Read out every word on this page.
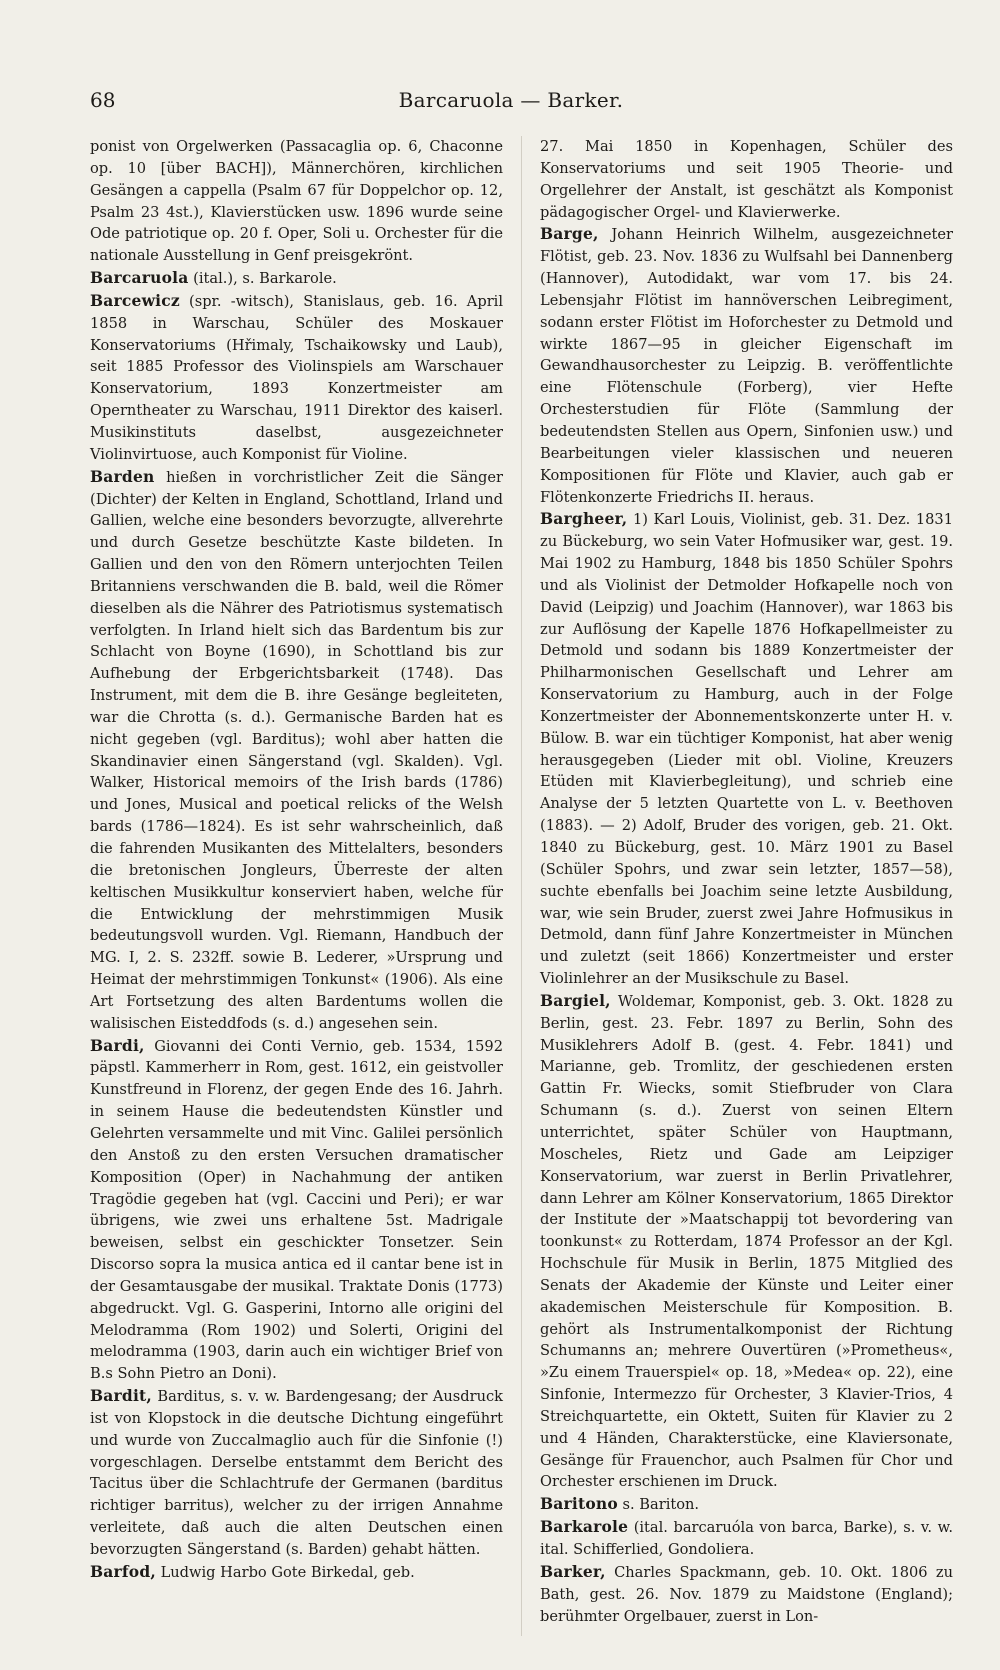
68	Barcaruola — Barker.

ponist von Orgelwerken (Passacaglia op. 6, Chaconne op. 10 [über BACH]), Männerchören, kirchlichen Gesängen a cappella (Psalm 67 für Doppelchor op. 12, Psalm 23 4st.), Klavierstücken usw. 1896 wurde seine Ode patriotique op. 20 f. Oper, Soli u. Orchester für die nationale Ausstellung in Genf preisgekrönt.

Barcaruola (ital.), s. Barkarole.

Barcewicz (spr. -witsch), Stanislaus, geb. 16. April 1858 in Warschau, Schüler des Moskauer Konservatoriums (Hřimaly, Tschaikowsky und Laub), seit 1885 Professor des Violinspiels am Warschauer Konservatorium, 1893 Konzertmeister am Operntheater zu Warschau, 1911 Direktor des kaiserl. Musikinstituts daselbst, ausgezeichneter Violinvirtuose, auch Komponist für Violine.

Barden hießen in vorchristlicher Zeit die Sänger (Dichter) der Kelten in England, Schottland, Irland und Gallien, welche eine besonders bevorzugte, allverehrte und durch Gesetze beschützte Kaste bildeten. In Gallien und den von den Römern unterjochten Teilen Britanniens verschwanden die B. bald, weil die Römer dieselben als die Nährer des Patriotismus systematisch verfolgten. In Irland hielt sich das Bardentum bis zur Schlacht von Boyne (1690), in Schottland bis zur Aufhebung der Erbgerichtsbarkeit (1748). Das Instrument, mit dem die B. ihre Gesänge begleiteten, war die Chrotta (s. d.). Germanische Barden hat es nicht gegeben (vgl. Barditus); wohl aber hatten die Skandinavier einen Sängerstand (vgl. Skalden). Vgl. Walker, Historical memoirs of the Irish bards (1786) und Jones, Musical and poetical relicks of the Welsh bards (1786—1824). Es ist sehr wahrscheinlich, daß die fahrenden Musikanten des Mittelalters, besonders die bretonischen Jongleurs, Überreste der alten keltischen Musikkultur konserviert haben, welche für die Entwicklung der mehrstimmigen Musik bedeutungsvoll wurden. Vgl. Riemann, Handbuch der MG. I, 2. S. 232ff. sowie B. Lederer, »Ursprung und Heimat der mehrstimmigen Tonkunst« (1906). Als eine Art Fortsetzung des alten Bardentums wollen die walisischen Eisteddfods (s. d.) angesehen sein.

Bardi, Giovanni dei Conti Vernio, geb. 1534, 1592 päpstl. Kammerherr in Rom, gest. 1612, ein geistvoller Kunstfreund in Florenz, der gegen Ende des 16. Jahrh. in seinem Hause die bedeutendsten Künstler und Gelehrten versammelte und mit Vinc. Galilei persönlich den Anstoß zu den ersten Versuchen dramatischer Komposition (Oper) in Nachahmung der antiken Tragödie gegeben hat (vgl. Caccini und Peri); er war übrigens, wie zwei uns erhaltene 5st. Madrigale beweisen, selbst ein geschickter Tonsetzer. Sein Discorso sopra la musica antica ed il cantar bene ist in der Gesamtausgabe der musikal. Traktate Donis (1773) abgedruckt. Vgl. G. Gasperini, Intorno alle origini del Melodramma (Rom 1902) und Solerti, Origini del melodramma (1903, darin auch ein wichtiger Brief von B.s Sohn Pietro an Doni).

Bardit, Barditus, s. v. w. Bardengesang; der Ausdruck ist von Klopstock in die deutsche Dichtung eingeführt und wurde von Zuccalmaglio auch für die Sinfonie (!) vorgeschlagen. Derselbe entstammt dem Bericht des Tacitus über die Schlachtrufe der Germanen (barditus richtiger barritus), welcher zu der irrigen Annahme verleitete, daß auch die alten Deutschen einen bevorzugten Sängerstand (s. Barden) gehabt hätten.

Barfod, Ludwig Harbo Gote Birkedal, geb.

27. Mai 1850 in Kopenhagen, Schüler des Konservatoriums und seit 1905 Theorie- und Orgellehrer der Anstalt, ist geschätzt als Komponist pädagogischer Orgel- und Klavierwerke.

Barge, Johann Heinrich Wilhelm, ausgezeichneter Flötist, geb. 23. Nov. 1836 zu Wulfsahl bei Dannenberg (Hannover), Autodidakt, war vom 17. bis 24. Lebensjahr Flötist im hannöverschen Leibregiment, sodann erster Flötist im Hoforchester zu Detmold und wirkte 1867—95 in gleicher Eigenschaft im Gewandhausorchester zu Leipzig. B. veröffentlichte eine Flötenschule (Forberg), vier Hefte Orchesterstudien für Flöte (Sammlung der bedeutendsten Stellen aus Opern, Sinfonien usw.) und Bearbeitungen vieler klassischen und neueren Kompositionen für Flöte und Klavier, auch gab er Flötenkonzerte Friedrichs II. heraus.

Bargheer, 1) Karl Louis, Violinist, geb. 31. Dez. 1831 zu Bückeburg, wo sein Vater Hofmusiker war, gest. 19. Mai 1902 zu Hamburg, 1848 bis 1850 Schüler Spohrs und als Violinist der Detmolder Hofkapelle noch von David (Leipzig) und Joachim (Hannover), war 1863 bis zur Auflösung der Kapelle 1876 Hofkapellmeister zu Detmold und sodann bis 1889 Konzertmeister der Philharmonischen Gesellschaft und Lehrer am Konservatorium zu Hamburg, auch in der Folge Konzertmeister der Abonnementskonzerte unter H. v. Bülow. B. war ein tüchtiger Komponist, hat aber wenig herausgegeben (Lieder mit obl. Violine, Kreuzers Etüden mit Klavierbegleitung), und schrieb eine Analyse der 5 letzten Quartette von L. v. Beethoven (1883). — 2) Adolf, Bruder des vorigen, geb. 21. Okt. 1840 zu Bückeburg, gest. 10. März 1901 zu Basel (Schüler Spohrs, und zwar sein letzter, 1857—58), suchte ebenfalls bei Joachim seine letzte Ausbildung, war, wie sein Bruder, zuerst zwei Jahre Hofmusikus in Detmold, dann fünf Jahre Konzertmeister in München und zuletzt (seit 1866) Konzertmeister und erster Violinlehrer an der Musikschule zu Basel.

Bargiel, Woldemar, Komponist, geb. 3. Okt. 1828 zu Berlin, gest. 23. Febr. 1897 zu Berlin, Sohn des Musiklehrers Adolf B. (gest. 4. Febr. 1841) und Marianne, geb. Tromlitz, der geschiedenen ersten Gattin Fr. Wiecks, somit Stiefbruder von Clara Schumann (s. d.). Zuerst von seinen Eltern unterrichtet, später Schüler von Hauptmann, Moscheles, Rietz und Gade am Leipziger Konservatorium, war zuerst in Berlin Privatlehrer, dann Lehrer am Kölner Konservatorium, 1865 Direktor der Institute der »Maatschappij tot bevordering van toonkunst« zu Rotterdam, 1874 Professor an der Kgl. Hochschule für Musik in Berlin, 1875 Mitglied des Senats der Akademie der Künste und Leiter einer akademischen Meisterschule für Komposition. B. gehört als Instrumentalkomponist der Richtung Schumanns an; mehrere Ouvertüren (»Prometheus«, »Zu einem Trauerspiel« op. 18, »Medea« op. 22), eine Sinfonie, Intermezzo für Orchester, 3 Klavier-Trios, 4 Streichquartette, ein Oktett, Suiten für Klavier zu 2 und 4 Händen, Charakterstücke, eine Klaviersonate, Gesänge für Frauenchor, auch Psalmen für Chor und Orchester erschienen im Druck.

Baritono s. Bariton.

Barkarole (ital. barcaruóla von barca, Barke), s. v. w. ital. Schifferlied, Gondoliera.

Barker, Charles Spackmann, geb. 10. Okt. 1806 zu Bath, gest. 26. Nov. 1879 zu Maidstone (England); berühmter Orgelbauer, zuerst in Lon-
